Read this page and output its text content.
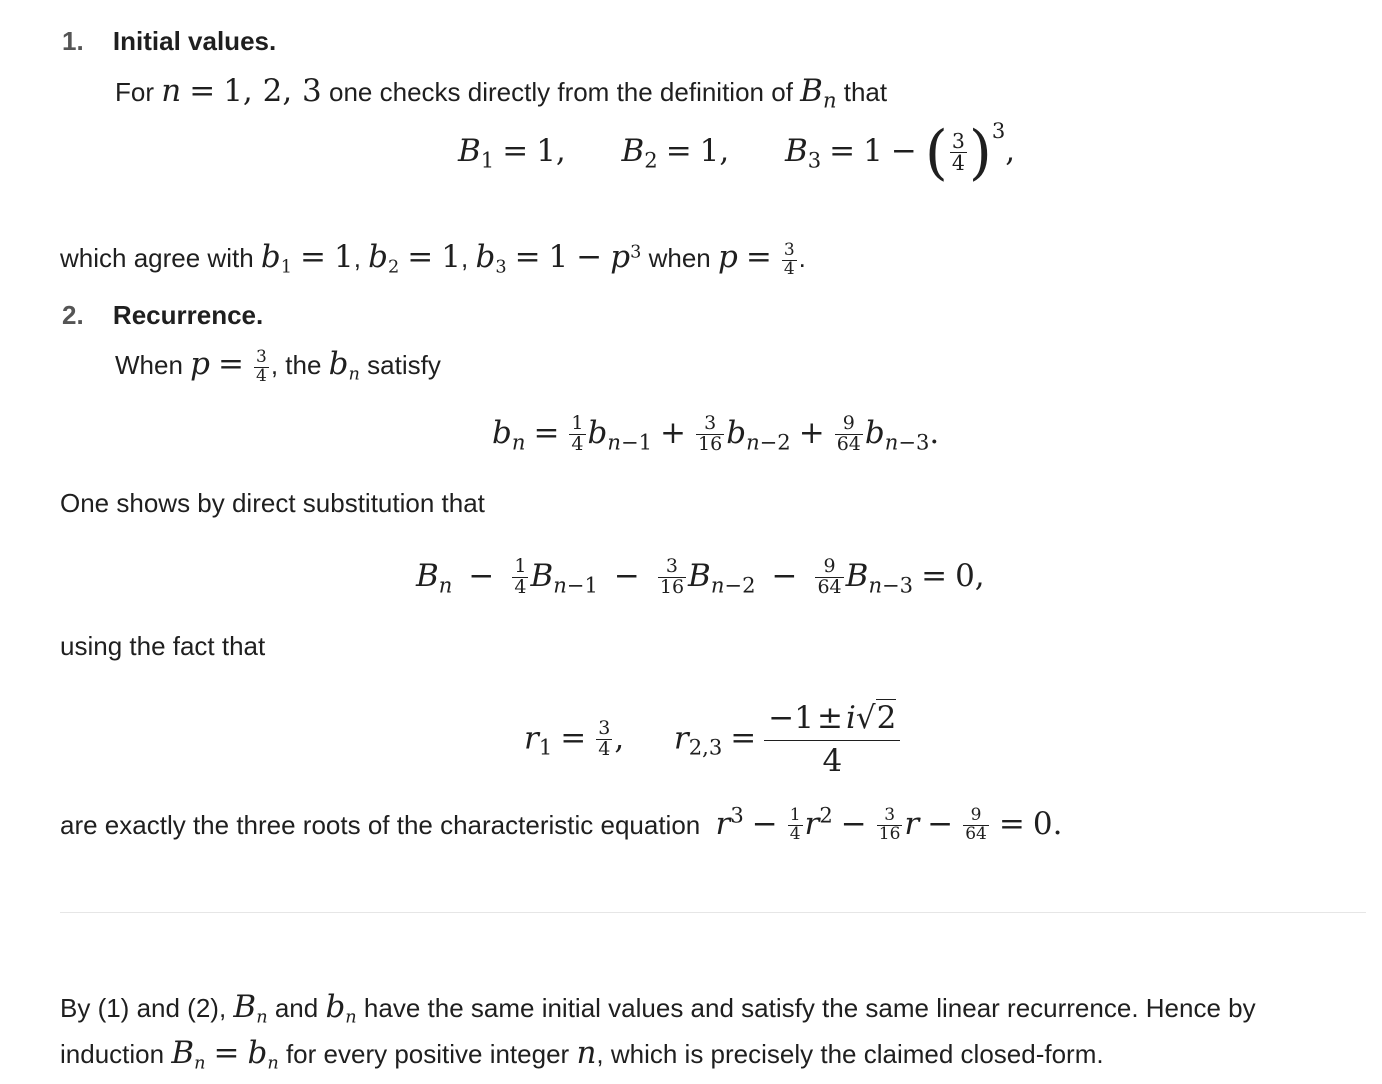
1. Initial values.
For n = 1, 2, 3 one checks directly from the definition of $B_n$ that
$B_1 = 1$,  $B_2 = 1$,  $B_3 = 1$ − ( $\frac{3}{4} )^3$,
which agree with $b_1 = 1$, $b_2 = 1$, $b_3 = 1 - p^3$ when $p = \frac{3}{4}$ .
2. Recurrence.
When $p = \frac{3}{4}$ , the $b_n$ satisfy
$b_n = \frac{1}{4} b_{n-1} + \frac{3}{16} b_{n-2} + \frac{9}{64} b_{n-3}$.
One shows by direct substitution that
$B_n - \frac{1}{4} B_{n-1} - \frac{3}{16} B_{n-2} - \frac{9}{64} B_{n-3} = 0$,
using the fact that
$r_1 = \frac{3}{4}$ ,  $r_{2,3} = \frac{-1\pm i√2}{4}$
are exactly the three roots of the characteristic equation $r^3 - \frac{1}{4} r^2 - \frac{3}{16}$ $r - \frac{9}{64} = 0$.
By (1) and (2), $B_n$ and $b_n$ have the same initial values and satisfy the same linear recurrence. Hence by
induction $B_n = b_n$ for every positive integer n, which is precisely the claimed closed-form.
